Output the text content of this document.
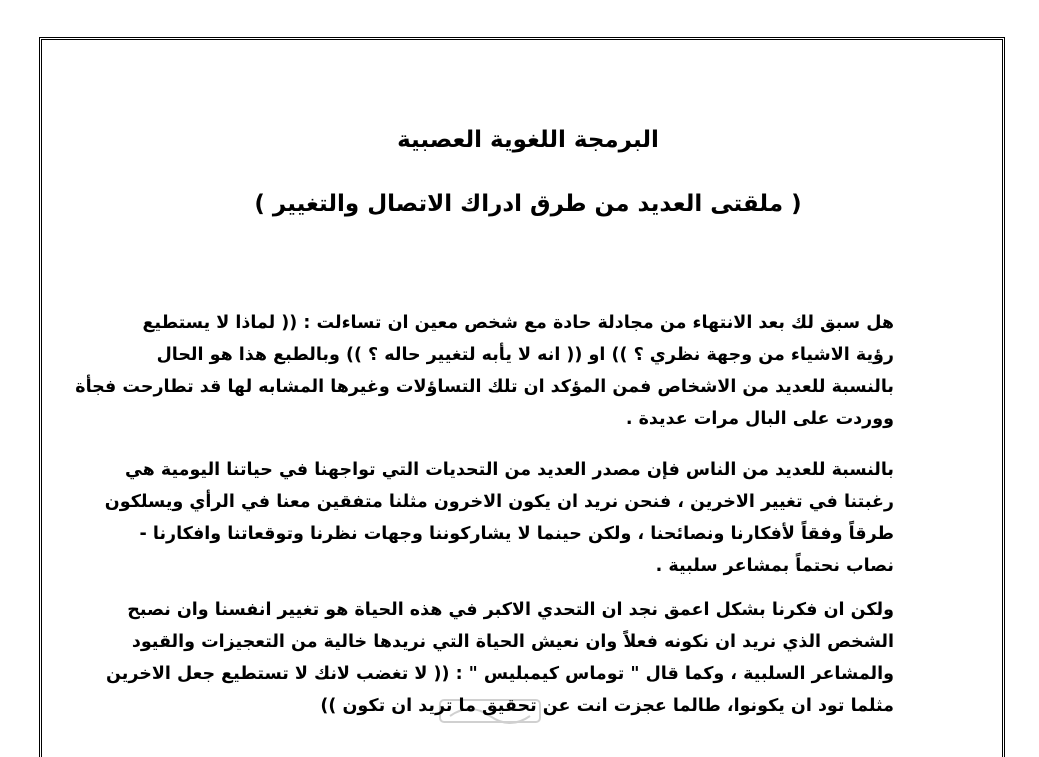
البرمجة اللغوية العصبية
( ملقتى العديد من طرق ادراك الاتصال والتغيير )
هل سبق لك بعد الانتهاء من مجادلة حادة مع شخص معين ان تساءلت : (( لماذا لا يستطيع
رؤية الاشياء من وجهة نظري ؟ )) او (( انه لا يأبه لتغيير حاله ؟ )) وبالطبع هذا هو الحال
بالنسبة للعديد من الاشخاص فمن المؤكد ان تلك التساؤلات وغيرها المشابه لها قد تطارحت فجأة
ووردت على البال مرات عديدة .
بالنسبة للعديد من الناس فإن مصدر العديد من التحديات التي تواجهنا في حياتنا اليومية هي
رغبتنا في تغيير الاخرين ، فنحن نريد ان يكون الاخرون مثلنا متفقين معنا في الرأي ويسلكون
طرقاً وفقاً لأفكارنا ونصائحنا ، ولكن حينما لا يشاركوننا وجهات نظرنا وتوقعاتنا وافكارنا -
نصاب نحتماً بمشاعر سلبية .
ولكن ان فكرنا بشكل اعمق نجد ان التحدي الاكبر في هذه الحياة هو تغيير انفسنا وان نصبح
الشخص الذي نريد ان نكونه فعلاً وان نعيش الحياة التي نريدها خالية من التعجيزات والقيود
والمشاعر السلبية ، وكما قال " توماس كيمبليس " : (( لا تغضب لانك لا تستطيع جعل الاخرين
مثلما تود ان يكونوا، طالما عجزت انت عن تحقيق ما تريد ان تكون ))
